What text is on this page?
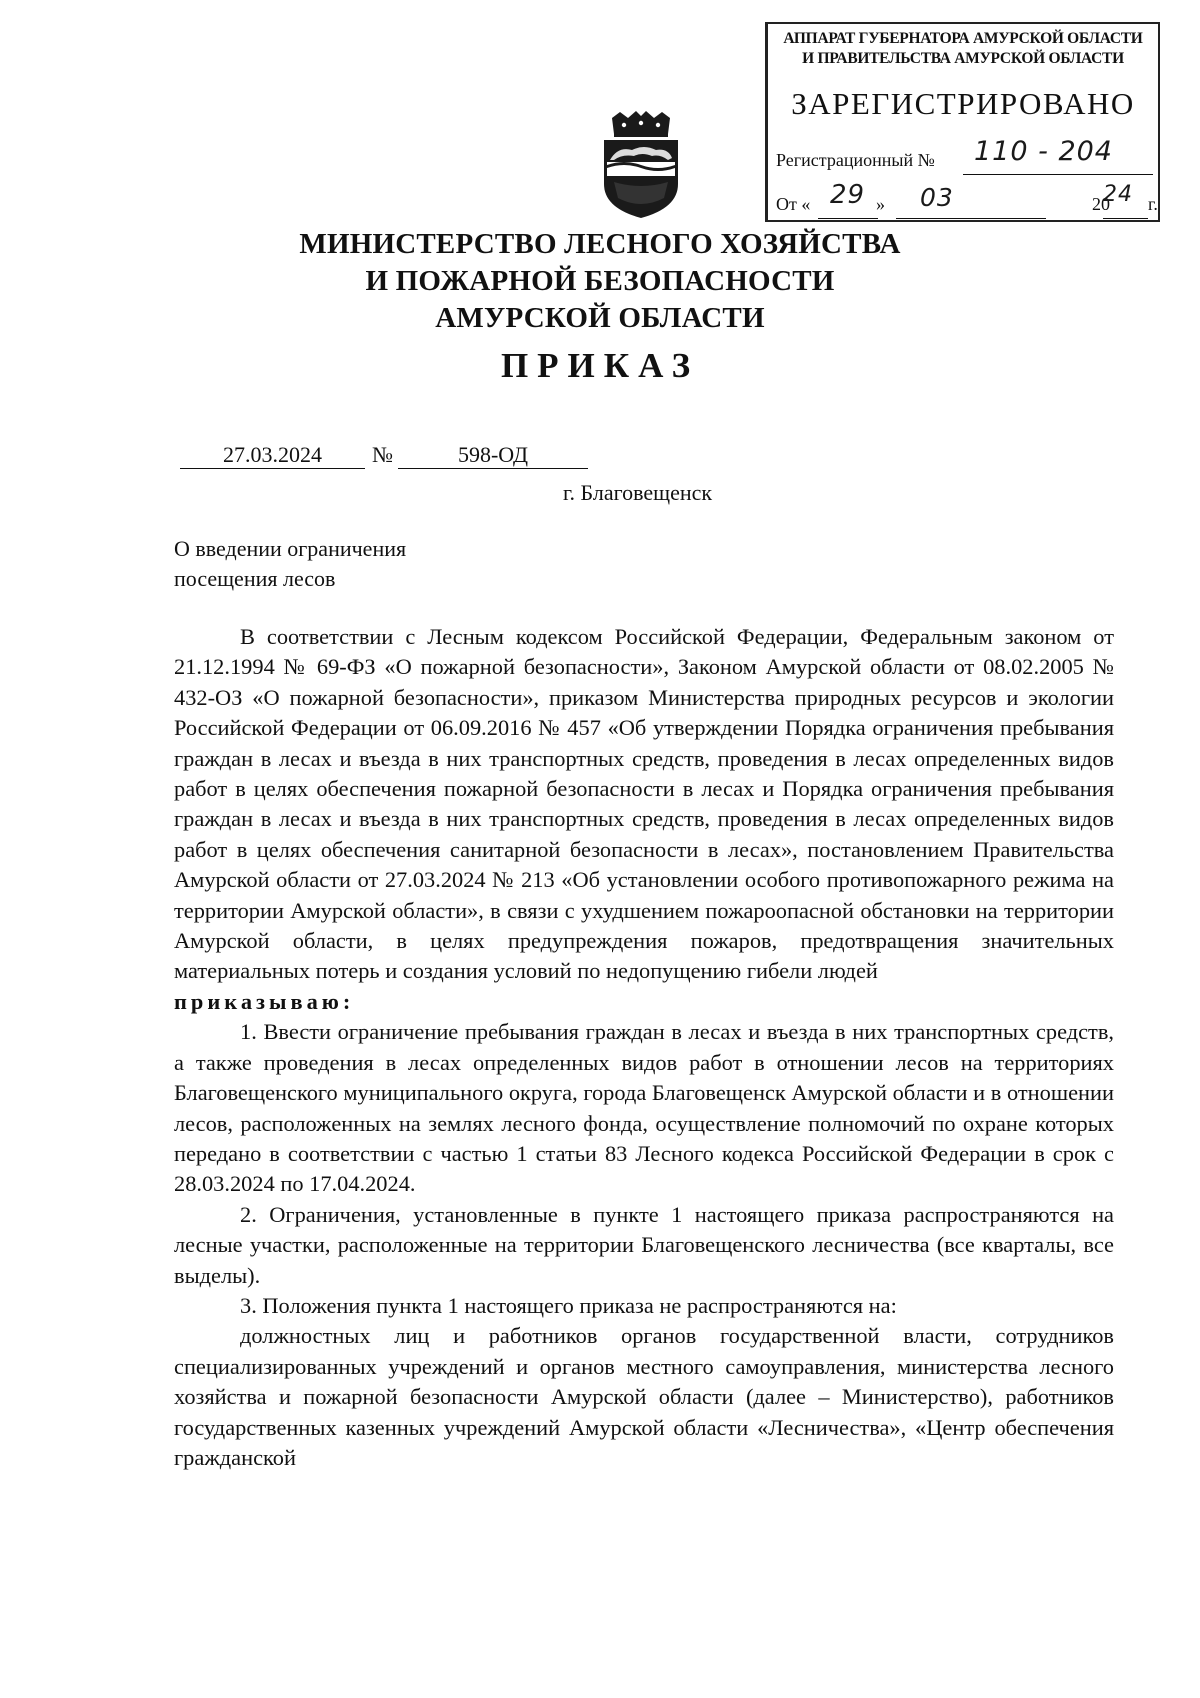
АППАРАТ ГУБЕРНАТОРА АМУРСКОЙ ОБЛАСТИ
И ПРАВИТЕЛЬСТВА АМУРСКОЙ ОБЛАСТИ
ЗАРЕГИСТРИРОВАНО
Регистрационный № 110 - 204
От «	»	20 г.
29 03	24
МИНИСТЕРСТВО ЛЕСНОГО ХОЗЯЙСТВА
И ПОЖАРНОЙ БЕЗОПАСНОСТИ
АМУРСКОЙ ОБЛАСТИ
ПРИКАЗ
27.03.2024	№	598-ОД
г. Благовещенск
О введении ограничения
посещения лесов

В соответствии с Лесным кодексом Российской Федерации, Федеральным законом от 21.12.1994 № 69-ФЗ «О пожарной безопасности», Законом Амурской области от 08.02.2005 № 432-ОЗ «О пожарной безопасности», приказом Министерства природных ресурсов и экологии Российской Федерации от 06.09.2016 № 457 «Об утверждении Порядка ограничения пребывания граждан в лесах и въезда в них транспортных средств, проведения в лесах определенных видов работ в целях обеспечения пожарной безопасности в лесах и Порядка ограничения пребывания граждан в лесах и въезда в них транспортных средств, проведения в лесах определенных видов работ в целях обеспечения санитарной безопасности в лесах», постановлением Правительства Амурской области от 27.03.2024 № 213 «Об установлении особого противопожарного режима на территории Амурской области», в связи с ухудшением пожароопасной обстановки на территории Амурской области, в целях предупреждения пожаров, предотвращения значительных материальных потерь и создания условий по недопущению гибели людей

приказываю:

1. Ввести ограничение пребывания граждан в лесах и въезда в них транспортных средств, а также проведения в лесах определенных видов работ в отношении лесов на территориях Благовещенского муниципального округа, города Благовещенск Амурской области и в отношении лесов, расположенных на землях лесного фонда, осуществление полномочий по охране которых передано в соответствии с частью 1 статьи 83 Лесного кодекса Российской Федерации в срок с 28.03.2024 по 17.04.2024.

2. Ограничения, установленные в пункте 1 настоящего приказа распространяются на лесные участки, расположенные на территории Благовещенского лесничества (все кварталы, все выделы).

3. Положения пункта 1 настоящего приказа не распространяются на:

должностных лиц и работников органов государственной власти, сотрудников специализированных учреждений и органов местного самоуправления, министерства лесного хозяйства и пожарной безопасности Амурской области (далее – Министерство), работников государственных казенных учреждений Амурской области «Лесничества», «Центр обеспечения гражданской
